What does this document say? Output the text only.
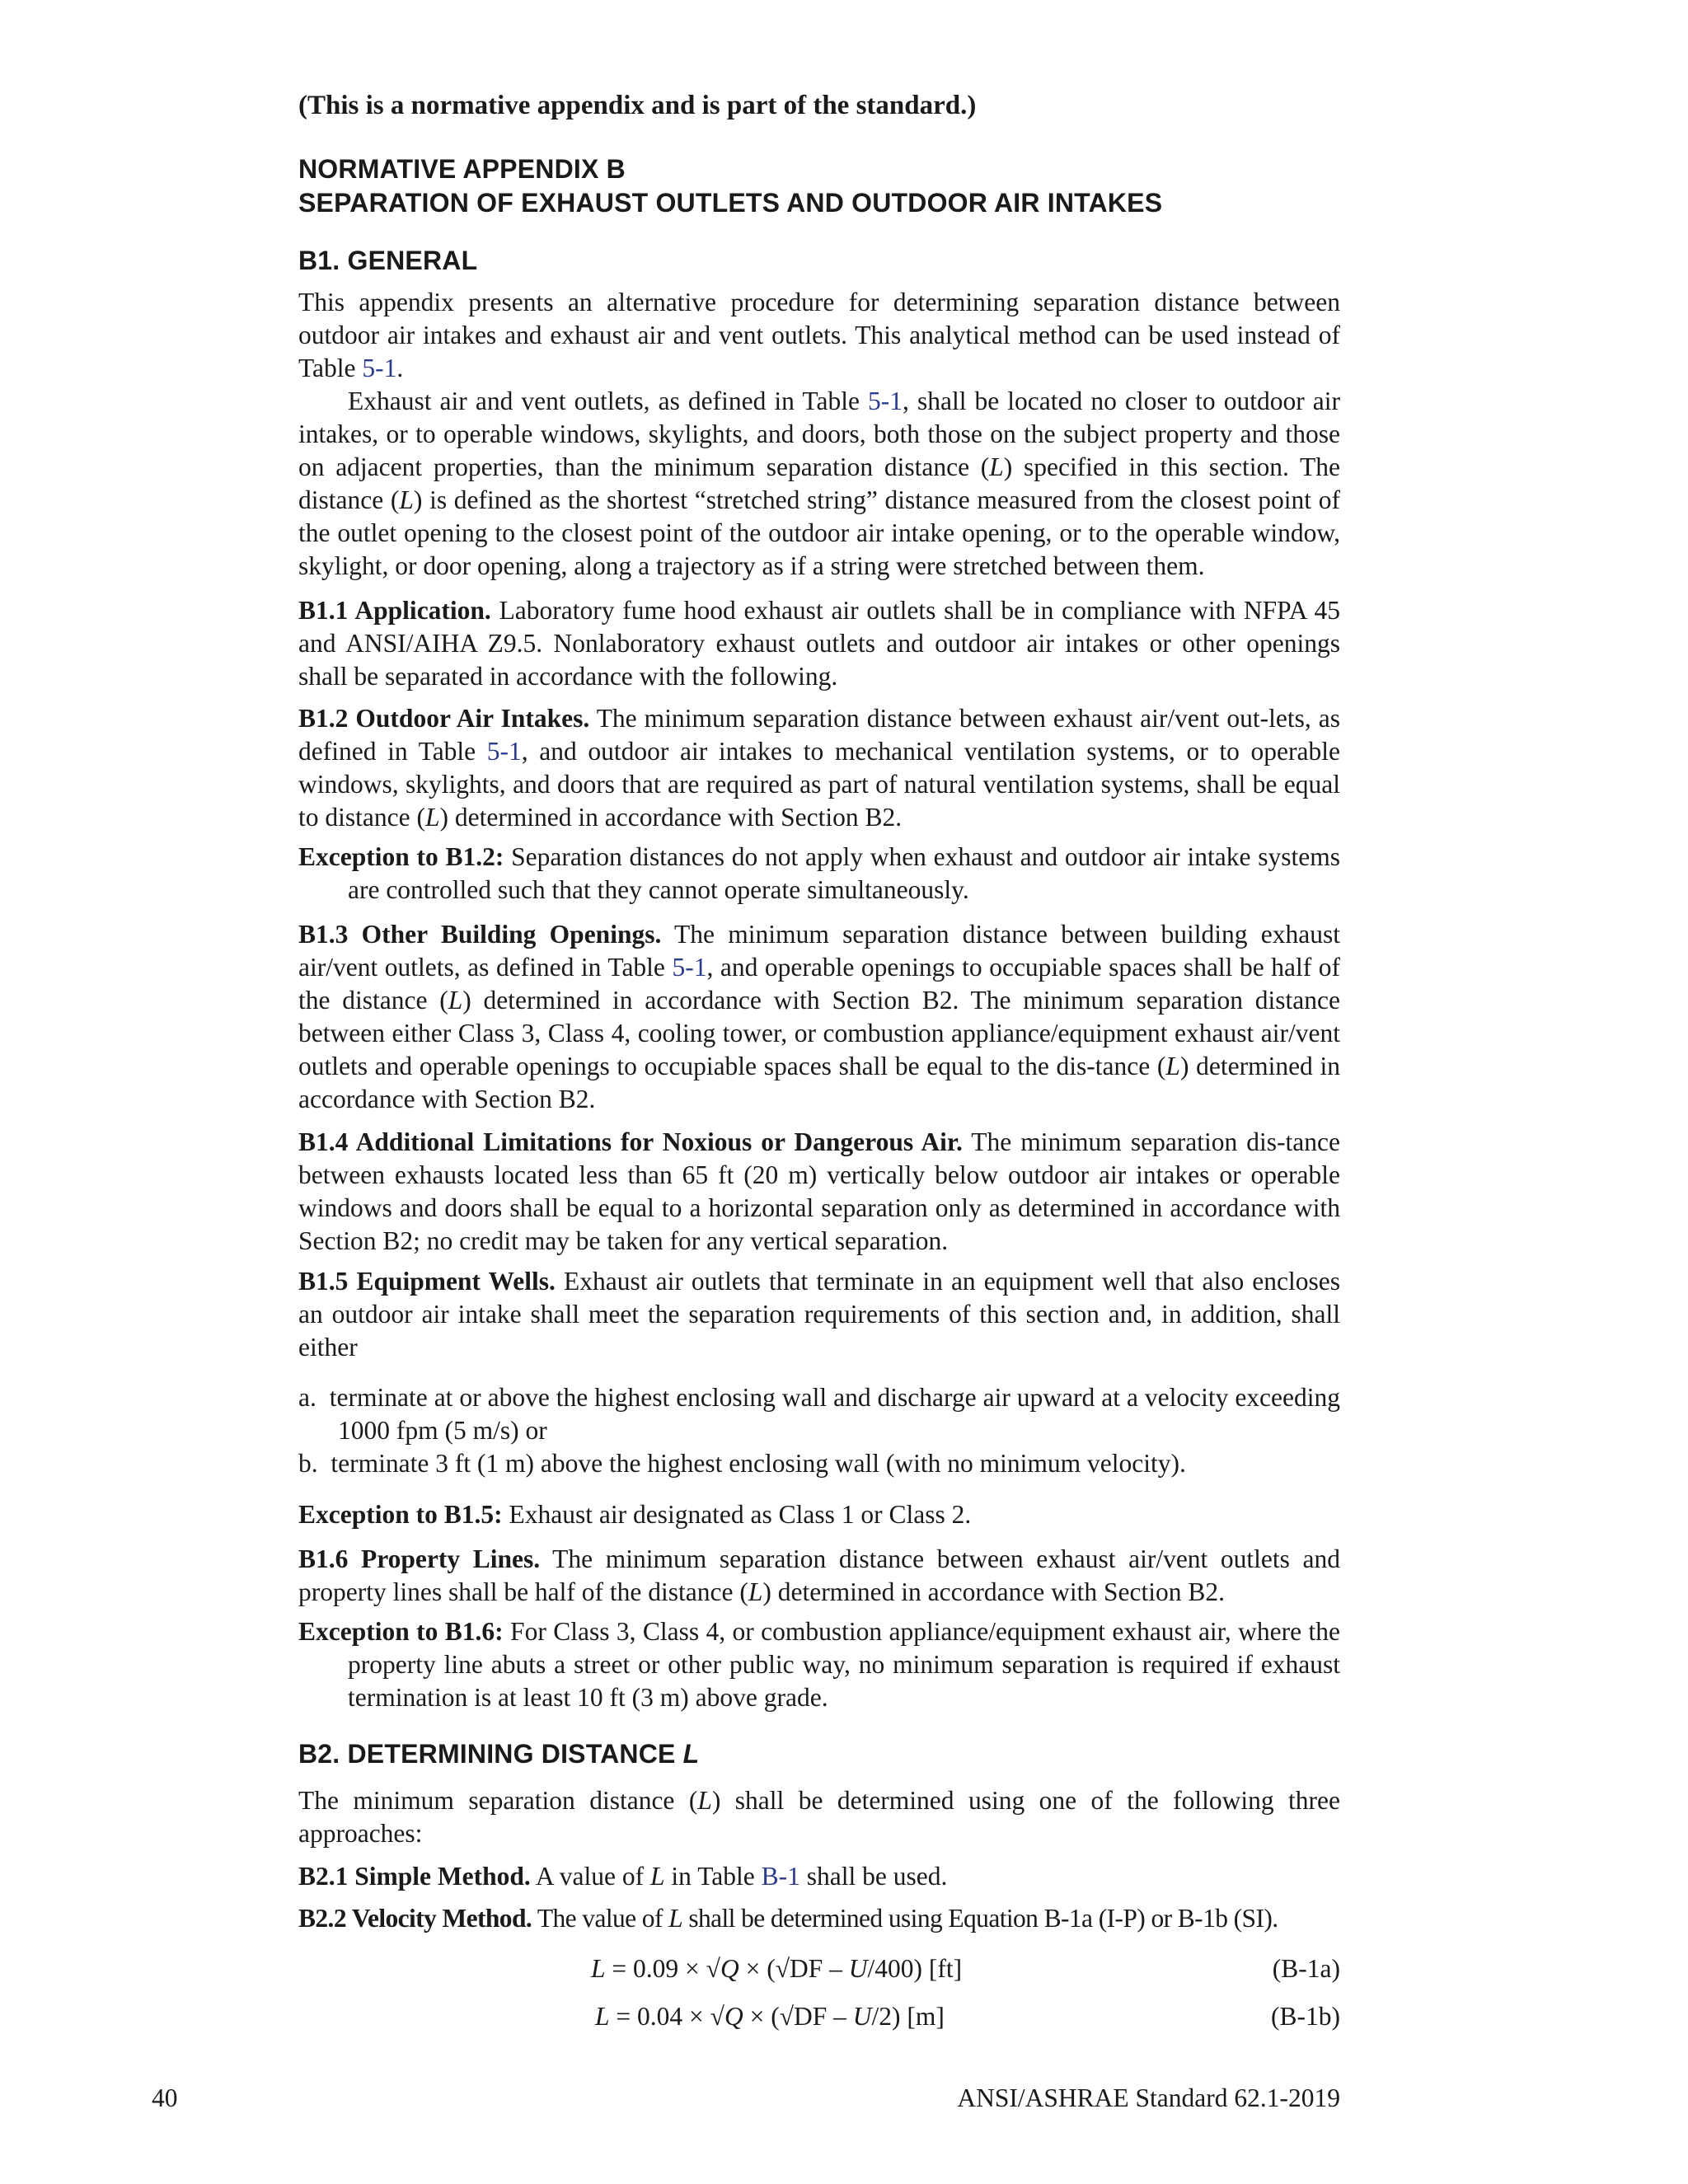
(This is a normative appendix and is part of the standard.)
NORMATIVE APPENDIX B
SEPARATION OF EXHAUST OUTLETS AND OUTDOOR AIR INTAKES
B1. GENERAL
This appendix presents an alternative procedure for determining separation distance between outdoor air intakes and exhaust air and vent outlets. This analytical method can be used instead of Table 5-1.
Exhaust air and vent outlets, as defined in Table 5-1, shall be located no closer to outdoor air intakes, or to operable windows, skylights, and doors, both those on the subject property and those on adjacent properties, than the minimum separation distance (L) specified in this section. The distance (L) is defined as the shortest “stretched string” distance measured from the closest point of the outlet opening to the closest point of the outdoor air intake opening, or to the operable window, skylight, or door opening, along a trajectory as if a string were stretched between them.
B1.1 Application. Laboratory fume hood exhaust air outlets shall be in compliance with NFPA 45 and ANSI/AIHA Z9.5. Nonlaboratory exhaust outlets and outdoor air intakes or other openings shall be separated in accordance with the following.
B1.2 Outdoor Air Intakes. The minimum separation distance between exhaust air/vent out-lets, as defined in Table 5-1, and outdoor air intakes to mechanical ventilation systems, or to operable windows, skylights, and doors that are required as part of natural ventilation systems, shall be equal to distance (L) determined in accordance with Section B2.
Exception to B1.2: Separation distances do not apply when exhaust and outdoor air intake systems are controlled such that they cannot operate simultaneously.
B1.3 Other Building Openings. The minimum separation distance between building exhaust air/vent outlets, as defined in Table 5-1, and operable openings to occupiable spaces shall be half of the distance (L) determined in accordance with Section B2. The minimum separation distance between either Class 3, Class 4, cooling tower, or combustion appliance/equipment exhaust air/vent outlets and operable openings to occupiable spaces shall be equal to the dis-tance (L) determined in accordance with Section B2.
B1.4 Additional Limitations for Noxious or Dangerous Air. The minimum separation dis-tance between exhausts located less than 65 ft (20 m) vertically below outdoor air intakes or operable windows and doors shall be equal to a horizontal separation only as determined in accordance with Section B2; no credit may be taken for any vertical separation.
B1.5 Equipment Wells. Exhaust air outlets that terminate in an equipment well that also encloses an outdoor air intake shall meet the separation requirements of this section and, in addition, shall either
a. terminate at or above the highest enclosing wall and discharge air upward at a velocity exceeding 1000 fpm (5 m/s) or
b. terminate 3 ft (1 m) above the highest enclosing wall (with no minimum velocity).
Exception to B1.5: Exhaust air designated as Class 1 or Class 2.
B1.6 Property Lines. The minimum separation distance between exhaust air/vent outlets and property lines shall be half of the distance (L) determined in accordance with Section B2.
Exception to B1.6: For Class 3, Class 4, or combustion appliance/equipment exhaust air, where the property line abuts a street or other public way, no minimum separation is required if exhaust termination is at least 10 ft (3 m) above grade.
B2. DETERMINING DISTANCE L
The minimum separation distance (L) shall be determined using one of the following three approaches:
B2.1 Simple Method. A value of L in Table B-1 shall be used.
B2.2 Velocity Method. The value of L shall be determined using Equation B-1a (I-P) or B-1b (SI).
L = 0.09 × √Q × (√DF – U/400) [ft]	(B-1a)
L = 0.04 × √Q × (√DF – U/2) [m]	(B-1b)
40	ANSI/ASHRAE Standard 62.1-2019
